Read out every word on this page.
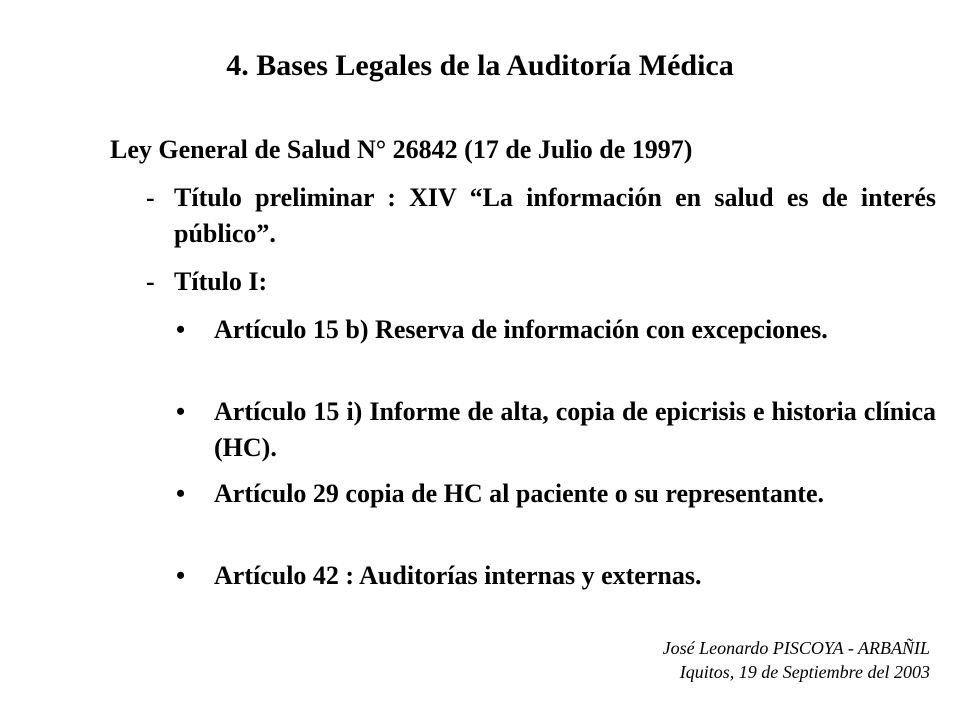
4. Bases Legales de la Auditoría Médica
Ley General de Salud N° 26842 (17 de Julio de 1997)
- Título preliminar : XIV “La información en salud es de interés público”.
- Título I:
• Artículo 15 b) Reserva de información con excepciones.
• Artículo 15 i) Informe de alta, copia de epicrisis e historia clínica (HC).
• Artículo 29 copia de HC al paciente o su representante.
• Artículo 42 : Auditorías internas y externas.
José Leonardo PISCOYA - ARBAÑIL
Iquitos, 19 de Septiembre del 2003
